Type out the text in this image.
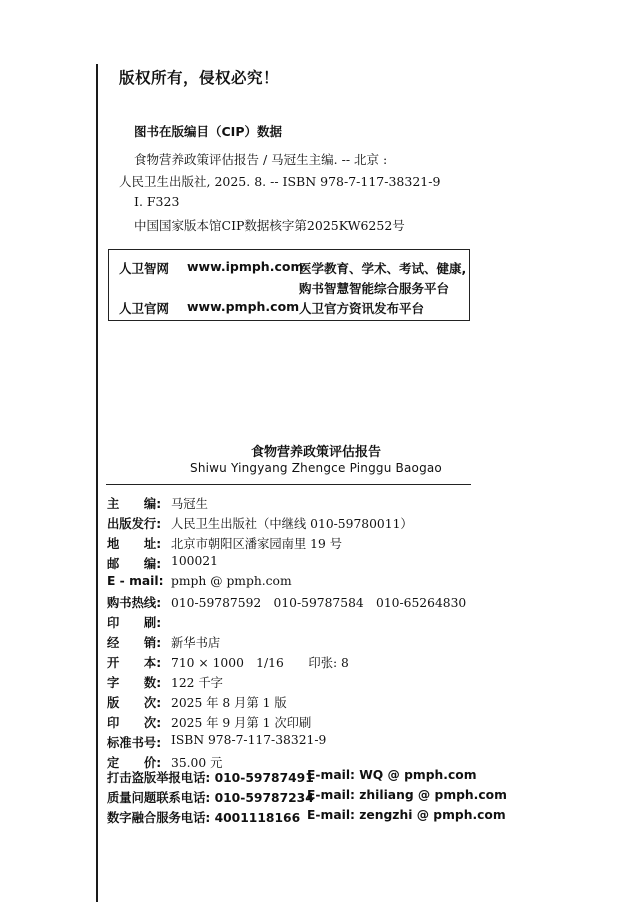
版权所有，侵权必究！
图书在版编目（CIP）数据
食物营养政策评估报告 / 马冠生主编. -- 北京 :
人民卫生出版社, 2025. 8. -- ISBN 978-7-117-38321-9
Ⅰ. F323
中国国家版本馆CIP数据核字第2025KW6252号
人卫智网 www.ipmph.com
医学教育、学术、考试、健康,
购书智慧智能综合服务平台
人卫官网 www.pmph.com 人卫官方资讯发布平台
食物营养政策评估报告
Shiwu Yingyang Zhengce Pinggu Baogao
主　　编: 马冠生
出版发行: 人民卫生出版社（中继线 010-59780011）
地　　址: 北京市朝阳区潘家园南里 19 号
邮　　编: 100021
E - mail: pmph @ pmph.com
购书热线: 010-59787592　010-59787584　010-65264830
印　　刷:
经　　销: 新华书店
开　　本: 710 × 1000　1/16　　印张: 8
字　　数: 122 千字
版　　次: 2025 年 8 月第 1 版
印　　次: 2025 年 9 月第 1 次印刷
标准书号: ISBN 978-7-117-38321-9
定　　价: 35.00 元
打击盗版举报电话: 010-59787491
E-mail: WQ @ pmph.com
质量问题联系电话: 010-59787234
E-mail: zhiliang @ pmph.com
数字融合服务电话: 4001118166 E-mail: zengzhi @ pmph.com
